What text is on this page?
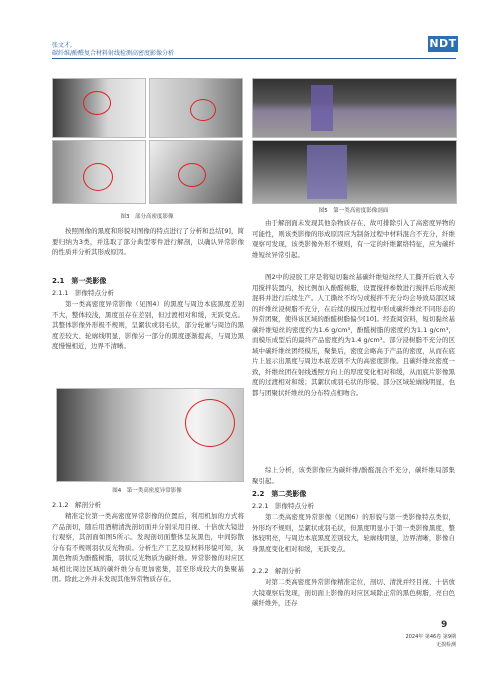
张文才,
碳纤维/酚醛复合材料射线检测高密度影像分析
NDT
图3　部分高密度影像
按照图像的黑度和形貌对图像的特点进行了分析和总结[9]，简要归纳为3类，并选取了部分典型零件进行解剖，以确认异常影像的性质并分析其形成原因。
2.1　第一类影像
2.1.1　影像特点分析
第一类高密度异常影像（见图4）的黑度与周边本底黑度差别不大，整体较浅，黑度虽存在差别，但过渡相对和缓，无跃变点。其整体影像外形极不规则，呈絮状或羽毛状，部分轮廓与周边的黑度差较大、轮廓线明显，影像另一部分的黑度逐渐提高，与周边黑度慢慢相近，边界不清晰。
图4　第一类高密度异常影像
2.1.2　解剖分析
精准定位第一类高密度异常影像的位置后，利用机加的方式将产品剖切，随后用酒精清洗剖切面并分别采用目视、十倍放大镜进行观察，其剖面如图5所示。发现剖切面整体呈灰黑色，中间弥散分布有不规则羽状反光物质。分析生产工艺及原材料形貌可知，灰黑色物质为酚醛树脂，羽状反光物质为碳纤维。异常影像的对应区域相比周边区域的碳纤维分布更加密集，甚至形成较大的集聚基团。除此之外并未发现其他异常物质存在。
图5　第一类高密度影像剖面
由于解剖面未发现其他杂物质存在，故可排除引入了高密度异物的可能性，则该类影像的形成原因应为制备过程中材料混合不充分，纤维观察可发现，该类影像外形不规则，有一定的纤维絮络特征，应为碳纤维短丝异常引起。
图2中的浸胶工序是将短切黏丝基碳纤维短丝经人工撕开后放入专用搅拌装置内，按比例加入酚醛树脂，设置搅拌参数进行搅拌后形成预混料并进行后续生产。人工撕丝不均匀或搅拌不充分均会导致局部区域的纤维丝浸树脂不充分，在后续的模压过程中形成碳纤维丝不同形态的异常团聚，使得该区域的酚醛树脂偏少[10]。经查阅资料，短切黏丝基碳纤维短丝的密度约为1.6 g/cm³，酚醛树脂的密度约为1.1 g/cm³，而模压成型后的最终产品密度约为1.4 g/cm³。部分浸树脂不充分的区域中碳纤维丝团经模压，聚集后，密度会略高于产品的密度，从而在底片上显示出黑度与周边本底差别不大的高密度影像。且碳纤维丝密度一致，纤维丝团在射线透照方向上的厚度变化相对和缓，从而底片影像黑度的过渡相对和缓；其絮状或羽毛状的形貌、部分区域轮廓线明显，也都与团聚状纤维丝的分布特点相吻合。
综上分析，该类影像应为碳纤维/酚醛混合不充分，碳纤维局部集聚引起。
2.2　第二类影像
2.2.1　影像特点分析
第二类高密度异常影像（见图6）的形貌与第一类影像特点类似，外形均不规则，呈絮状或羽毛状，但黑度明显小于第一类影像黑度，整体较明亮，与周边本底黑度差别较大，轮廓线明显，边界清晰，影像自身黑度变化相对和缓，无跃变点。
2.2.2　解剖分析
对第二类高密度异常影像精准定位，剖切、清洗并经目视、十倍放大镜观察后发现，剖切面上影像的对应区域除正常的黑色树脂，亮白色碳纤维外，还存
9
2024年 第46卷 第9期
无损检测
